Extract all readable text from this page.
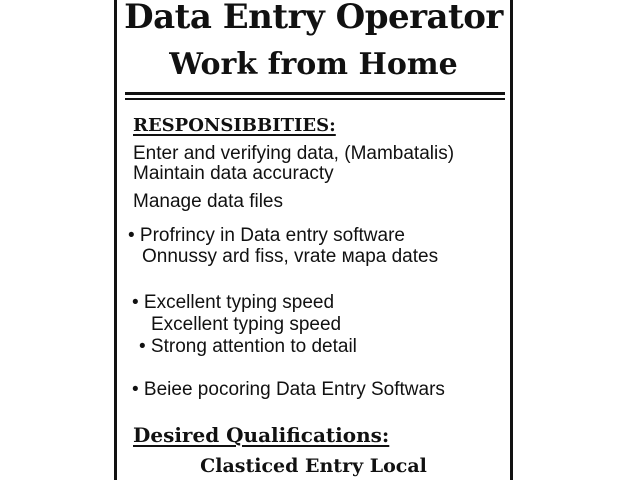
Data Entry Operator
Work from Home
RESPONSIBBITIES:
Enter and verifying data, (Mambatalis)
Maintain data accuracty
Manage data files
• Profrincy in Data entry software
Onnussy ard fiss, vrate мapa dates
• Excellent typing speed
Excellent typing speed
• Strong attention to detail
• Beiee pocoring Data Entry Softwars
Desired Qualifications:
Clasticed Entry Local
